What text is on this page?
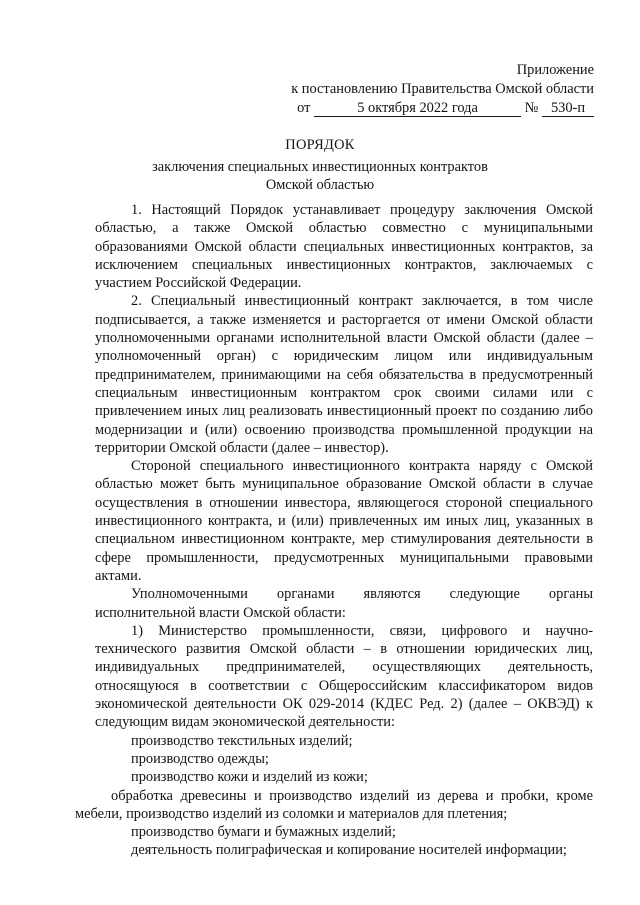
Приложение
к постановлению Правительства Омской области
от	5 октября 2022 года	№ 530-п
ПОРЯДОК
заключения специальных инвестиционных контрактов
Омской областью

1. Настоящий Порядок устанавливает процедуру заключения Омской областью, а также Омской областью совместно с муниципальными образованиями Омской области специальных инвестиционных контрактов, за исключением специальных инвестиционных контрактов, заключаемых с участием Российской Федерации.

2. Специальный инвестиционный контракт заключается, в том числе подписывается, а также изменяется и расторгается от имени Омской области уполномоченными органами исполнительной власти Омской области (далее – уполномоченный орган) с юридическим лицом или индивидуальным предпринимателем, принимающими на себя обязательства в предусмотренный специальным инвестиционным контрактом срок своими силами или с привлечением иных лиц реализовать инвестиционный проект по созданию либо модернизации и (или) освоению производства промышленной продукции на территории Омской области (далее – инвестор).

Стороной специального инвестиционного контракта наряду с Омской областью может быть муниципальное образование Омской области в случае осуществления в отношении инвестора, являющегося стороной специального инвестиционного контракта, и (или) привлеченных им иных лиц, указанных в специальном инвестиционном контракте, мер стимулирования деятельности в сфере промышленности, предусмотренных муниципальными правовыми актами.

Уполномоченными органами являются следующие органы исполнительной власти Омской области:

1) Министерство промышленности, связи, цифрового и научно-технического развития Омской области – в отношении юридических лиц, индивидуальных предпринимателей, осуществляющих деятельность, относящуюся в соответствии с Общероссийским классификатором видов экономической деятельности ОК 029-2014 (КДЕС Ред. 2) (далее – ОКВЭД) к следующим видам экономической деятельности:

производство текстильных изделий;

производство одежды;

производство кожи и изделий из кожи;

обработка древесины и производство изделий из дерева и пробки, кроме мебели, производство изделий из соломки и материалов для плетения;

производство бумаги и бумажных изделий;

деятельность полиграфическая и копирование носителей информации;
